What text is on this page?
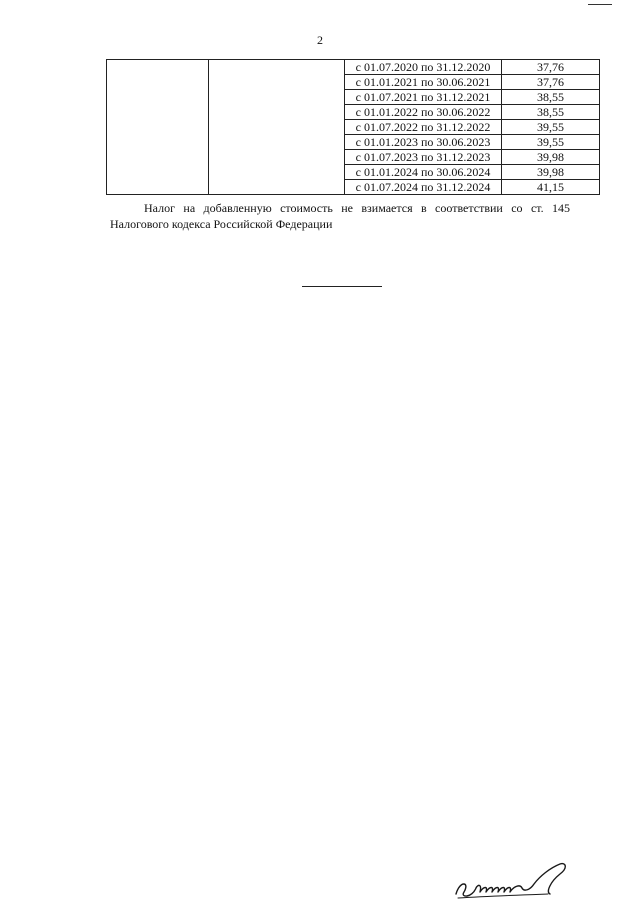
2
		с 01.07.2020 по 31.12.2020	37,76
		с 01.01.2021 по 30.06.2021	37,76
		с 01.07.2021 по 31.12.2021	38,55
		с 01.01.2022 по 30.06.2022	38,55
		с 01.07.2022 по 31.12.2022	39,55
		с 01.01.2023 по 30.06.2023	39,55
		с 01.07.2023 по 31.12.2023	39,98
		с 01.01.2024 по 30.06.2024	39,98
		с 01.07.2024 по 31.12.2024	41,15

Налог на добавленную стоимость не взимается в соответствии со ст. 145 Налогового кодекса Российской Федерации
